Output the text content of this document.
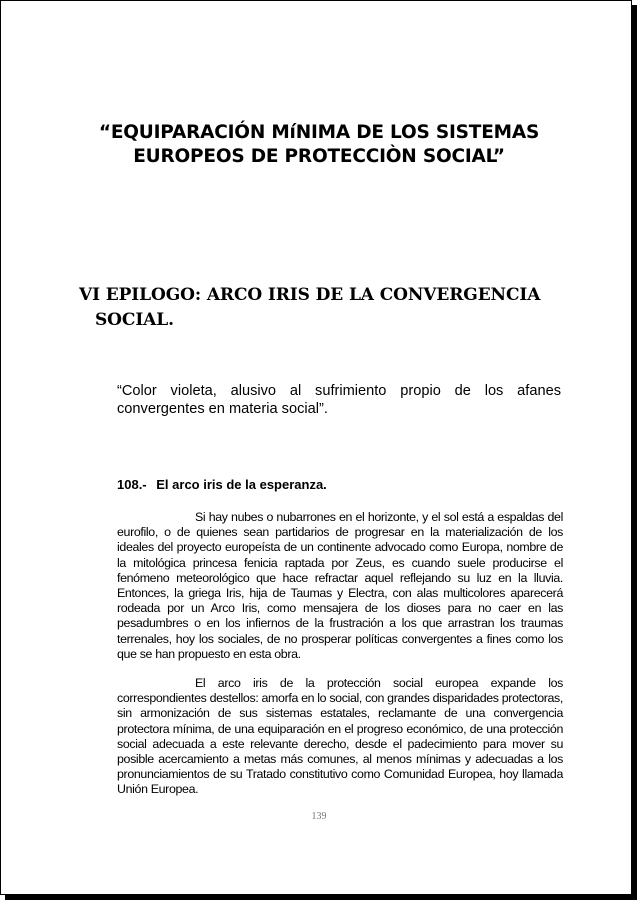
“EQUIPARACIÓN MíNIMA DE LOS SISTEMAS EUROPEOS DE PROTECCIÒN SOCIAL”
VI EPILOGO: ARCO IRIS DE LA CONVERGENCIA
SOCIAL.
“Color violeta, alusivo al sufrimiento propio de los afanes convergentes en materia social”.
108.- El arco iris de la esperanza.

Si hay nubes o nubarrones en el horizonte, y el sol está a espaldas del eurofilo, o de quienes sean partidarios de progresar en la materialización de los ideales del proyecto europeísta de un continente advocado como Europa, nombre de la mitológica princesa fenicia raptada por Zeus, es cuando suele producirse el fenómeno meteorológico que hace refractar aquel reflejando su luz en la lluvia. Entonces, la griega Iris, hija de Taumas y Electra, con alas multicolores aparecerá rodeada por un Arco Iris, como mensajera de los dioses para no caer en las pesadumbres o en los infiernos de la frustración a los que arrastran los traumas terrenales, hoy los sociales, de no prosperar políticas convergentes a fines como los que se han propuesto en esta obra.

El arco iris de la protección social europea expande los correspondientes destellos: amorfa en lo social, con grandes disparidades protectoras, sin armonización de sus sistemas estatales, reclamante de una convergencia protectora mínima, de una equiparación en el progreso económico, de una protección social adecuada a este relevante derecho, desde el padecimiento para mover su posible acercamiento a metas más comunes, al menos mínimas y adecuadas a los pronunciamientos de su Tratado constitutivo como Comunidad Europea, hoy llamada Unión Europea.

139
